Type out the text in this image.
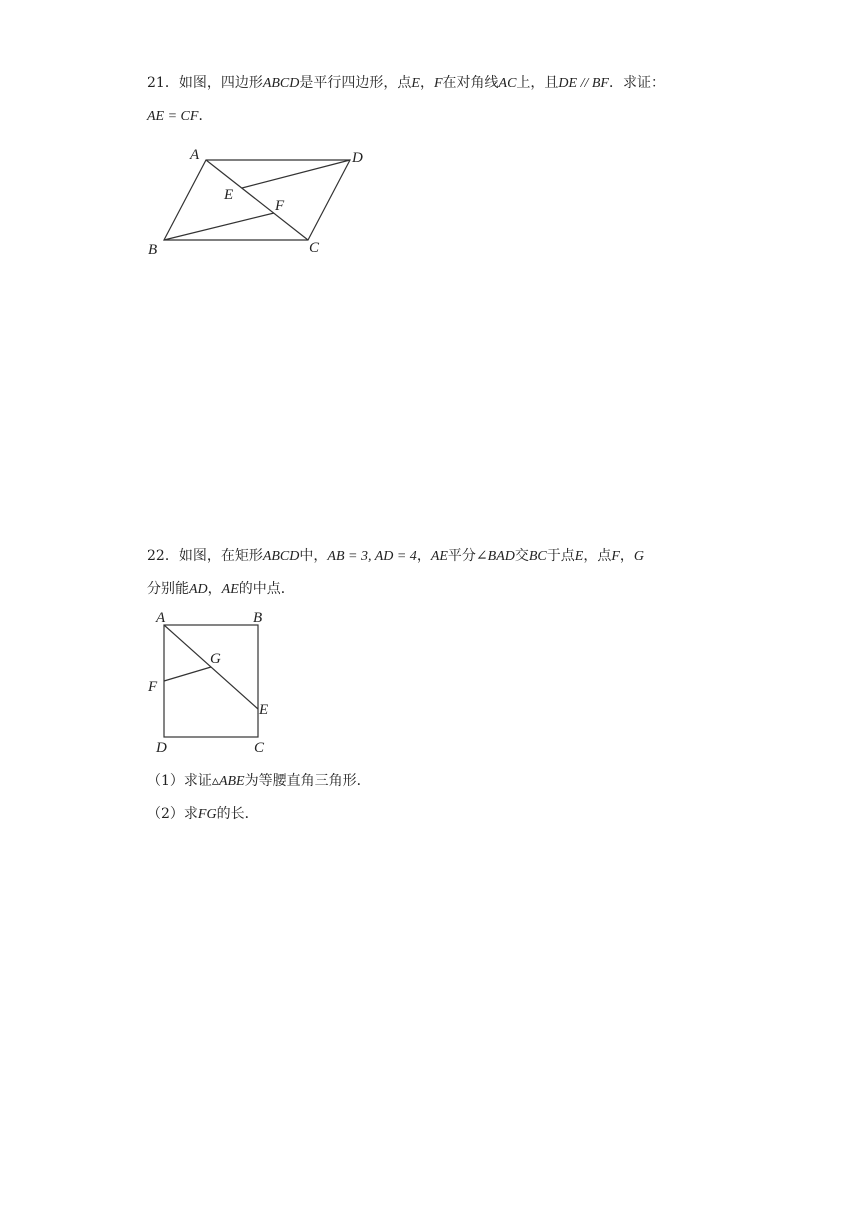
21．如图，四边形ABCD是平行四边形，点E，F在对角线AC上，且DE // BF．求证：
AE = CF．
A	D
B	C
E
F
22．如图，在矩形ABCD中，AB = 3, AD = 4，AE平分∠BAD交BC于点E，点F，G
分别能AD，AE的中点．
A	B
C
D
E
F
G
（1）求证▵ABE为等腰直角三角形．
（2）求FG的长．
